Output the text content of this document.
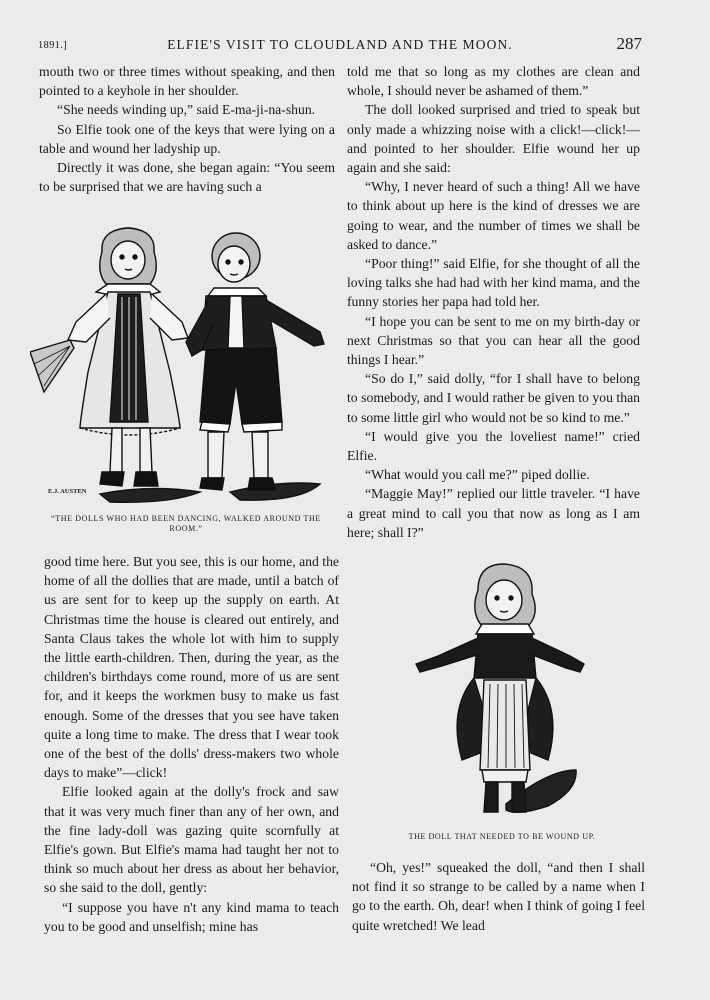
1891.]	ELFIE'S VISIT TO CLOUDLAND AND THE MOON.	287

mouth two or three times without speaking, and then pointed to a keyhole in her shoulder.

“She needs winding up,” said E-ma-ji-na-shun.

So Elfie took one of the keys that were lying on a table and wound her ladyship up.

Directly it was done, she began again: “You seem to be surprised that we are having such a

E.J. AUSTEN
“THE DOLLS WHO HAD BEEN DANCING, WALKED AROUND THE ROOM.”

good time here. But you see, this is our home, and the home of all the dollies that are made, until a batch of us are sent for to keep up the supply on earth. At Christmas time the house is cleared out entirely, and Santa Claus takes the whole lot with him to supply the little earth-children. Then, during the year, as the children's birthdays come round, more of us are sent for, and it keeps the workmen busy to make us fast enough. Some of the dresses that you see have taken quite a long time to make. The dress that I wear took one of the best of the dolls' dress-makers two whole days to make”—click!

Elfie looked again at the dolly's frock and saw that it was very much finer than any of her own, and the fine lady-doll was gazing quite scornfully at Elfie's gown. But Elfie's mama had taught her not to think so much about her dress as about her behavior, so she said to the doll, gently:

“I suppose you have n't any kind mama to teach you to be good and unselfish; mine has

told me that so long as my clothes are clean and whole, I should never be ashamed of them.”

The doll looked surprised and tried to speak but only made a whizzing noise with a click!—click!—and pointed to her shoulder. Elfie wound her up again and she said:

“Why, I never heard of such a thing! All we have to think about up here is the kind of dresses we are going to wear, and the number of times we shall be asked to dance.”

“Poor thing!” said Elfie, for she thought of all the loving talks she had had with her kind mama, and the funny stories her papa had told her.

“I hope you can be sent to me on my birth-day or next Christmas so that you can hear all the good things I hear.”

“So do I,” said dolly, “for I shall have to belong to somebody, and I would rather be given to you than to some little girl who would not be so kind to me.”

“I would give you the loveliest name!” cried Elfie.

“What would you call me?” piped dollie.

“Maggie May!” replied our little traveler. “I have a great mind to call you that now as long as I am here; shall I?”

THE DOLL THAT NEEDED TO BE WOUND UP.

“Oh, yes!” squeaked the doll, “and then I shall not find it so strange to be called by a name when I go to the earth. Oh, dear! when I think of going I feel quite wretched! We lead
